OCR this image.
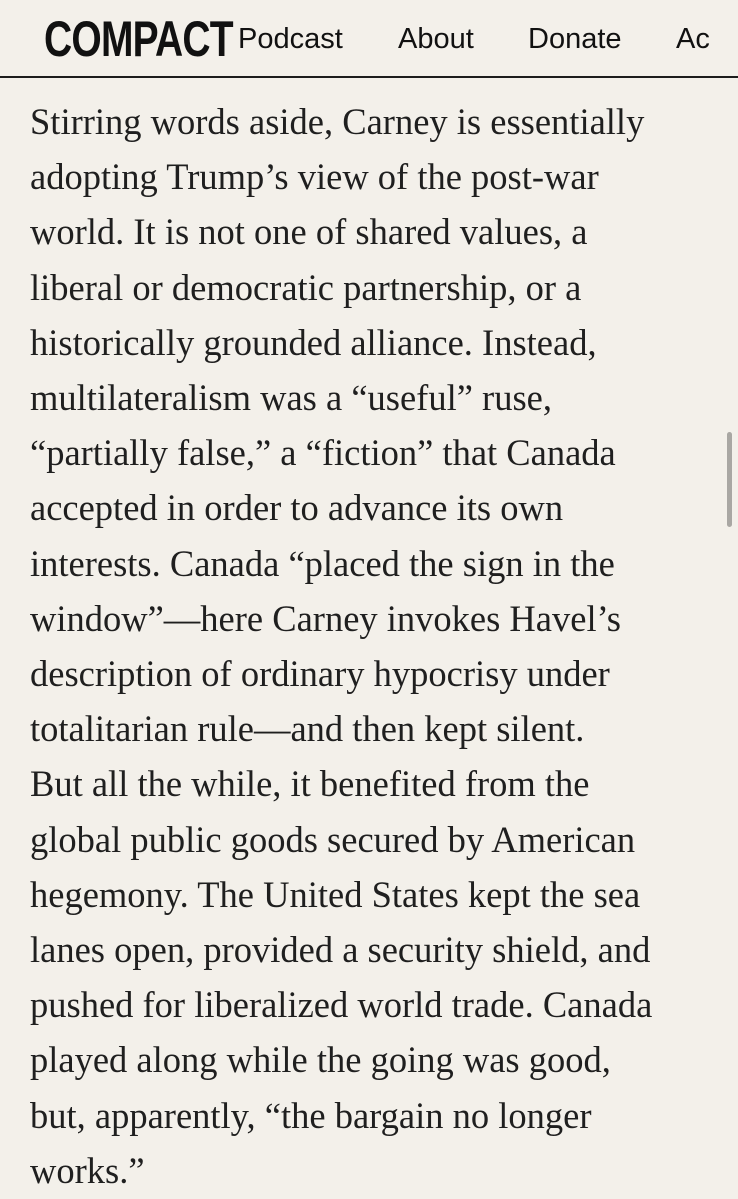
COMPACT Podcast About Donate Ac

Stirring words aside, Carney is essentially
adopting Trump’s view of the post-war
world. It is not one of shared values, a
liberal or democratic partnership, or a
historically grounded alliance. Instead,
multilateralism was a “useful” ruse,
“partially false,” a “fiction” that Canada
accepted in order to advance its own
interests. Canada “placed the sign in the
window”—here Carney invokes Havel’s
description of ordinary hypocrisy under
totalitarian rule—and then kept silent.
But all the while, it benefited from the
global public goods secured by American
hegemony. The United States kept the sea
lanes open, provided a security shield, and
pushed for liberalized world trade. Canada
played along while the going was good,
but, apparently, “the bargain no longer
works.”
